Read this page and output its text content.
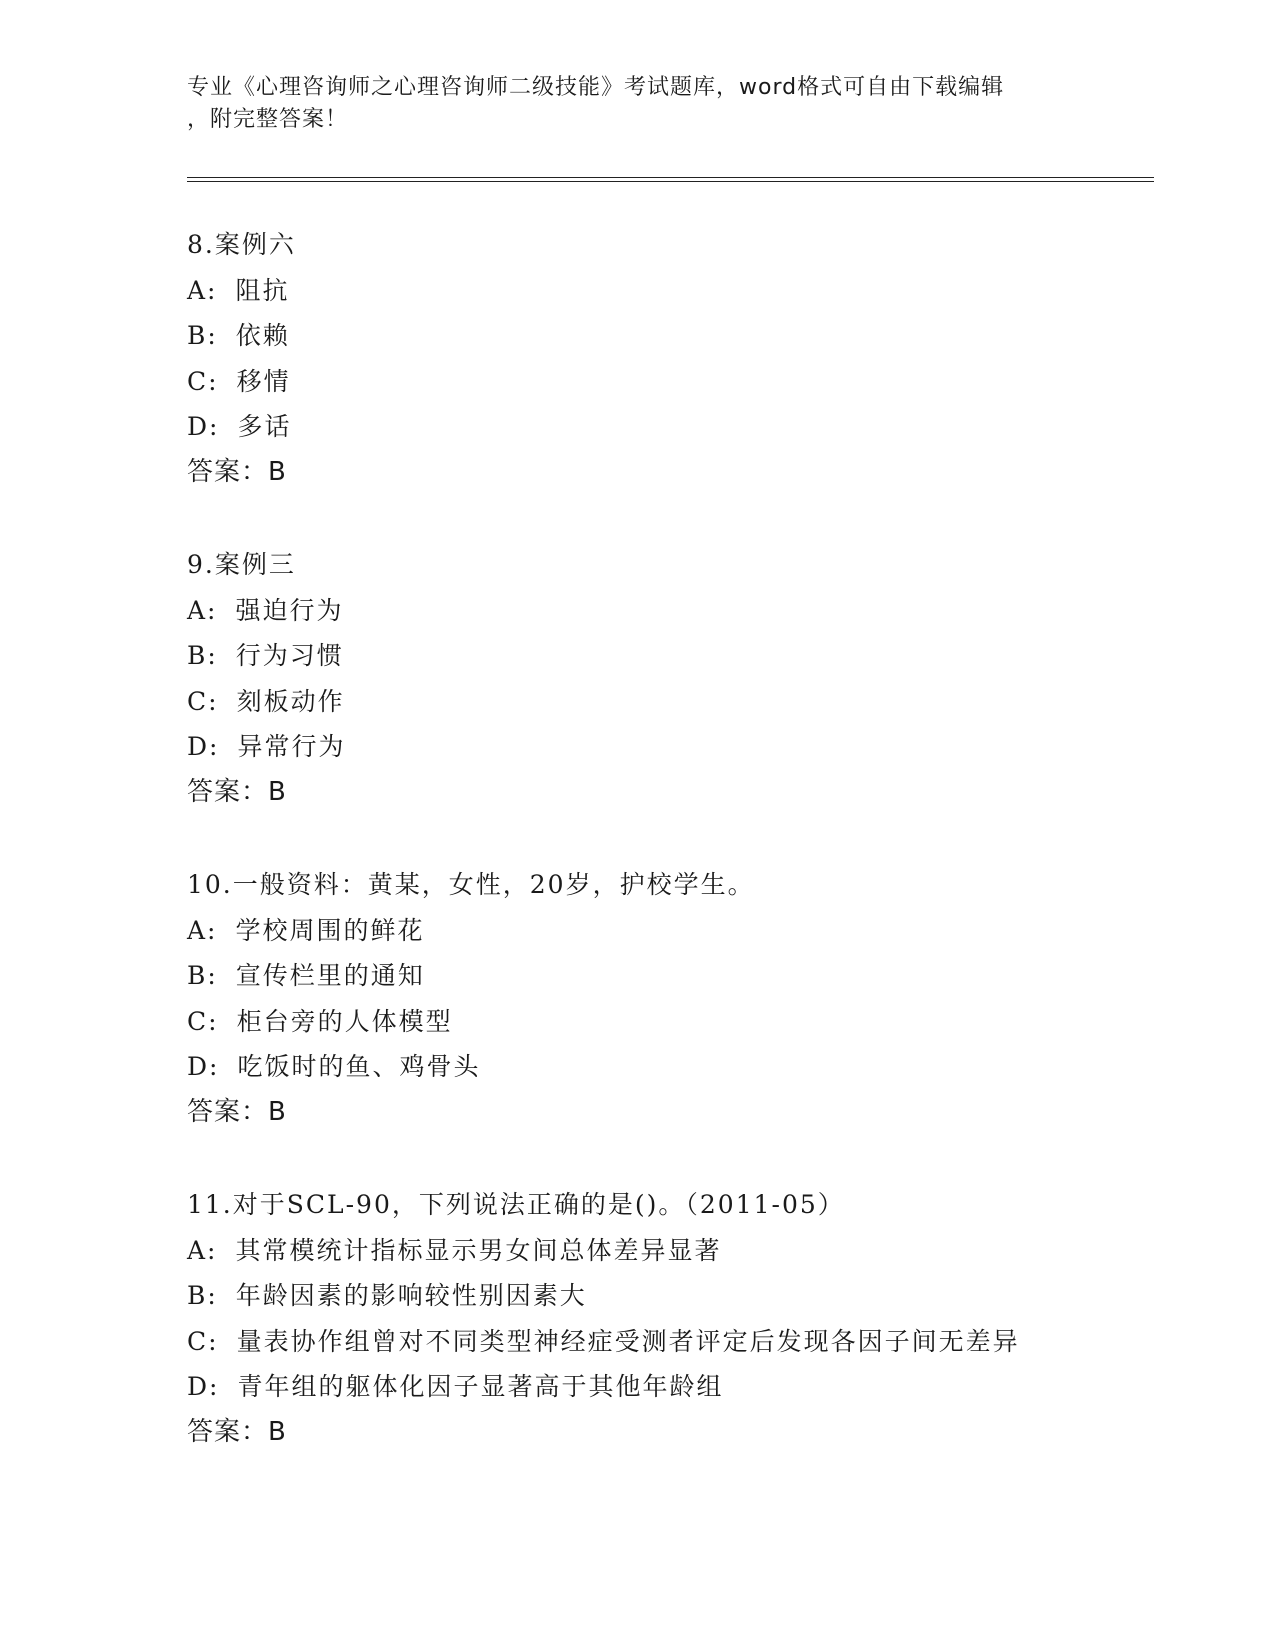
专业《心理咨询师之心理咨询师二级技能》考试题库，word格式可自由下载编辑

，附完整答案！

8.案例六
A: 阻抗
B: 依赖
C: 移情
D: 多话
答案：B
9.案例三
A: 强迫行为
B: 行为习惯
C: 刻板动作
D: 异常行为
答案：B
10.一般资料：黄某，女性，20岁，护校学生。
A: 学校周围的鲜花
B: 宣传栏里的通知
C: 柜台旁的人体模型
D: 吃饭时的鱼、鸡骨头
答案：B
11.对于SCL-90，下列说法正确的是()。（2011-05）
A: 其常模统计指标显示男女间总体差异显著
B: 年龄因素的影响较性别因素大
C: 量表协作组曾对不同类型神经症受测者评定后发现各因子间无差异
D: 青年组的躯体化因子显著高于其他年龄组
答案：B
